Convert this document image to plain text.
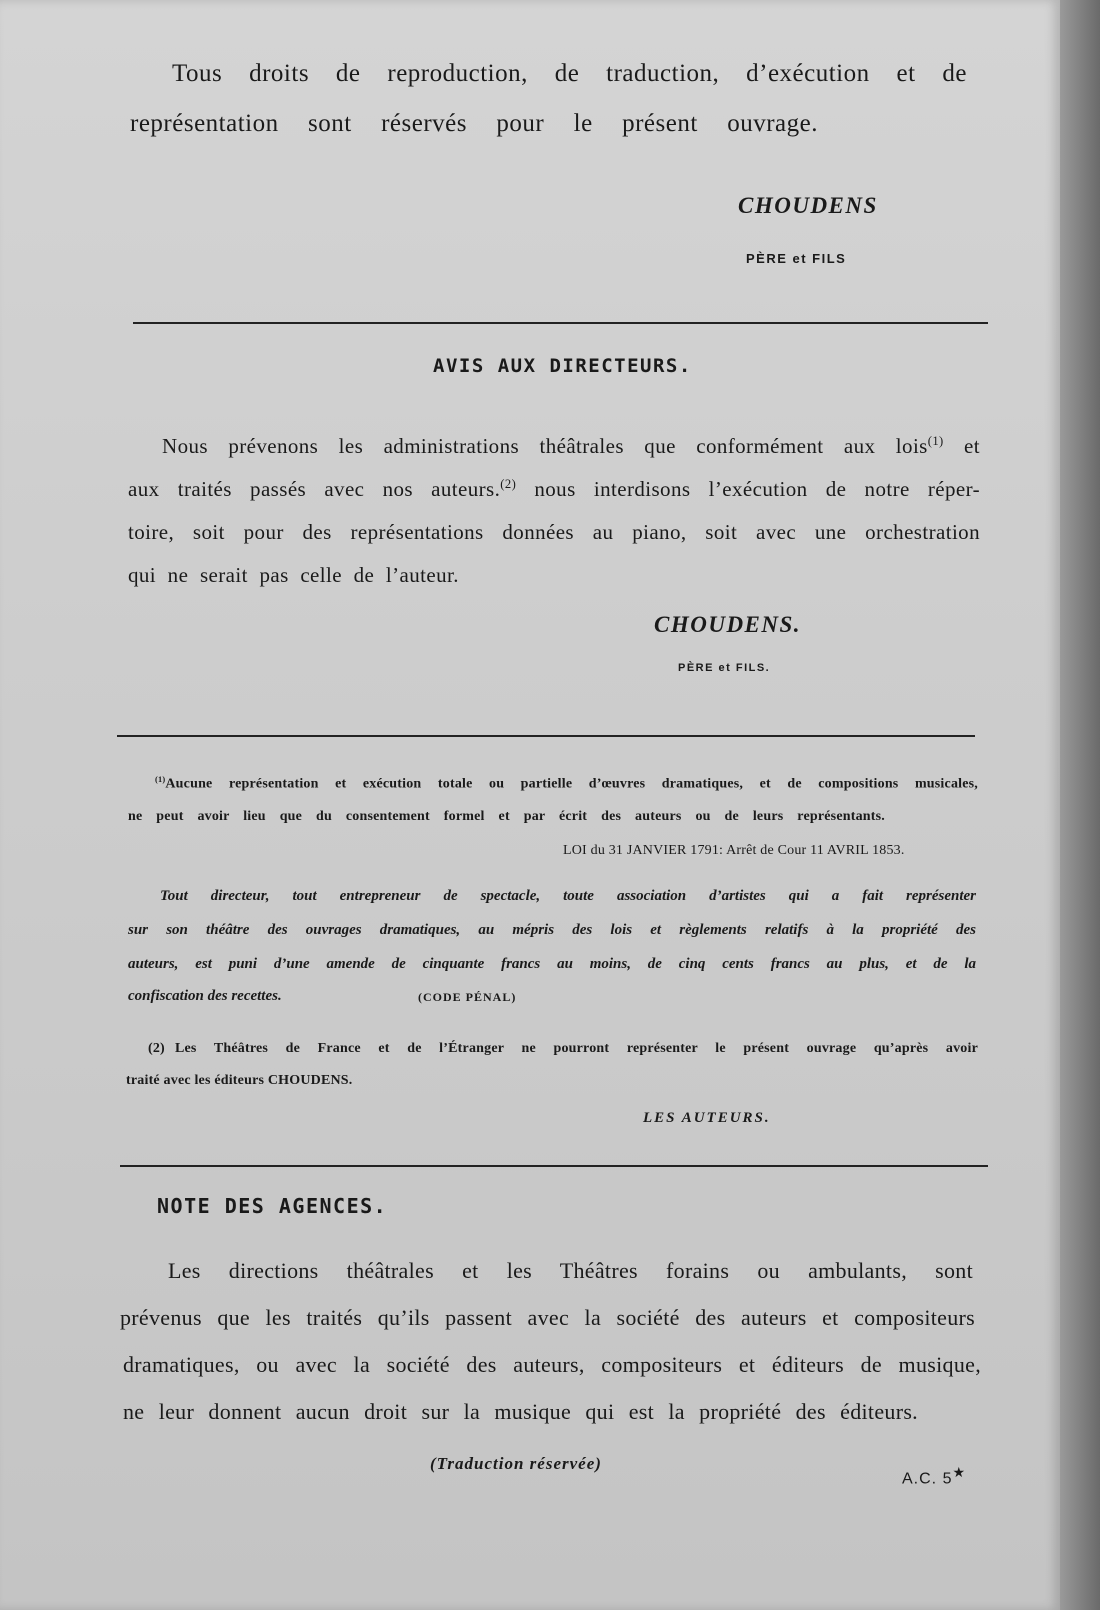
Tous droits de reproduction, de traduction, d’exécution et de
représentation sont réservés pour le présent ouvrage.
CHOUDENS
PÈRE et FILS
AVIS AUX DIRECTEURS.
Nous prévenons les administrations théâtrales que conformément aux lois$^{(1)}$ et
aux traités passés avec nos auteurs.$^{(2)}$ nous interdisons l’exécution de notre réper-
toire, soit pour des représentations données au piano, soit avec une orchestration
qui ne serait pas celle de l’auteur.
CHOUDENS.
PÈRE et FILS.
$^{(1)}$Aucune représentation et exécution totale ou partielle d’œuvres dramatiques, et de compositions musicales,
ne peut avoir lieu que du consentement formel et par écrit des auteurs ou de leurs représentants.
LOI du 31 JANVIER 1791: Arrêt de Cour 11 AVRIL 1853.
Tout directeur, tout entrepreneur de spectacle, toute association d’artistes qui a fait représenter
sur son théâtre des ouvrages dramatiques, au mépris des lois et règlements relatifs à la propriété des
auteurs, est puni d’une amende de cinquante francs au moins, de cinq cents francs au plus, et de la
confiscation des recettes.	(CODE PÉNAL)
(2) Les Théâtres de France et de l’Étranger ne pourront représenter le présent ouvrage qu’après avoir
traité avec les éditeurs CHOUDENS.
LES AUTEURS.
NOTE DES AGENCES.
Les directions théâtrales et les Théâtres forains ou ambulants, sont
prévenus que les traités qu’ils passent avec la société des auteurs et compositeurs
dramatiques, ou avec la société des auteurs, compositeurs et éditeurs de musique,
ne leur donnent aucun droit sur la musique qui est la propriété des éditeurs.
(Traduction réservée)
A.C. 5★
